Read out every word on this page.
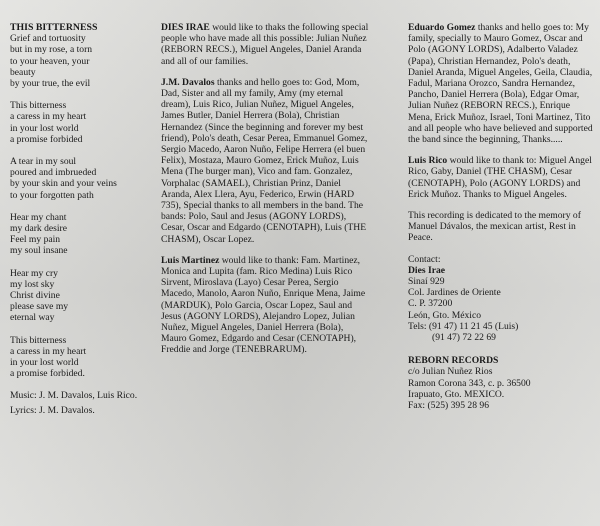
THIS BITTERNESS
Grief and tortuosity
but in my rose, a torn
to your heaven, your
beauty
by your true, the evil
This bitterness
a caress in my heart
in your lost world
a promise forbided
A tear in my soul
poured and imbrueded
by your skin and your veins
to your forgotten path
Hear my chant
my dark desire
Feel my pain
my soul insane
Hear my cry
my lost sky
Christ divine
please save my
eternal way
This bitterness
a caress in my heart
in your lost world
a promise forbided.

Music: J. M. Davalos, Luis Rico.

Lyrics: J. M. Davalos.

DIES IRAE would like to thaks the following special people who have made all this possible: Julian Nuñez (REBORN RECS.), Miguel Angeles, Daniel Aranda and all of our families.

J.M. Davalos thanks and hello goes to: God, Mom, Dad, Sister and all my family, Amy (my eternal dream), Luis Rico, Julian Nuñez, Miguel Angeles, James Butler, Daniel Herrera (Bola), Christian Hernandez (Since the beginning and forever my best friend), Polo's death, Cesar Perea, Emmanuel Gomez, Sergio Macedo, Aaron Nuño, Felipe Herrera (el buen Felix), Mostaza, Mauro Gomez, Erick Muñoz, Luis Mena (The burger man), Vico and fam. Gonzalez, Vorphalac (SAMAEL), Christian Prinz, Daniel Aranda, Alex Llera, Ayu, Federico, Erwin (HARD 735), Special thanks to all members in the band. The bands: Polo, Saul and Jesus (AGONY LORDS), Cesar, Oscar and Edgardo (CENOTAPH), Luis (THE CHASM), Oscar Lopez.

Luis Martinez would like to thank: Fam. Martinez, Monica and Lupita (fam. Rico Medina) Luis Rico Sirvent, Miroslava (Layo) Cesar Perea, Sergio Macedo, Manolo, Aaron Nuño, Enrique Mena, Jaime (MARDUK), Polo Garcia, Oscar Lopez, Saul and Jesus (AGONY LORDS), Alejandro Lopez, Julian Nuñez, Miguel Angeles, Daniel Herrera (Bola), Mauro Gomez, Edgardo and Cesar (CENOTAPH), Freddie and Jorge (TENEBRARUM).

Eduardo Gomez thanks and hello goes to: My family, specially to Mauro Gomez, Oscar and Polo (AGONY LORDS), Adalberto Valadez (Papa), Christian Hernandez, Polo's death, Daniel Aranda, Miguel Angeles, Geila, Claudia, Fadul, Mariana Orozco, Sandra Hernandez, Pancho, Daniel Herrera (Bola), Edgar Omar, Julian Nuñez (REBORN RECS.), Enrique Mena, Erick Muñoz, Israel, Toni Martinez, Tito and all people who have believed and supported the band since the beginning, Thanks.....

Luis Rico would like to thank to: Miguel Angel Rico, Gaby, Daniel (THE CHASM), Cesar (CENOTAPH), Polo (AGONY LORDS) and Erick Muñoz. Thanks to Miguel Angeles.

This recording is dedicated to the memory of Manuel Dávalos, the mexican artist, Rest in Peace.

Contact:
Dies Irae
Sinaí 929
Col. Jardines de Oriente
C. P. 37200
León, Gto. México
Tels: (91 47) 11 21 45 (Luis)
(91 47) 72 22 69
REBORN RECORDS
c/o Julian Nuñez Rios
Ramon Corona 343, c. p. 36500
Irapuato, Gto. MEXICO.
Fax: (525) 395 28 96
